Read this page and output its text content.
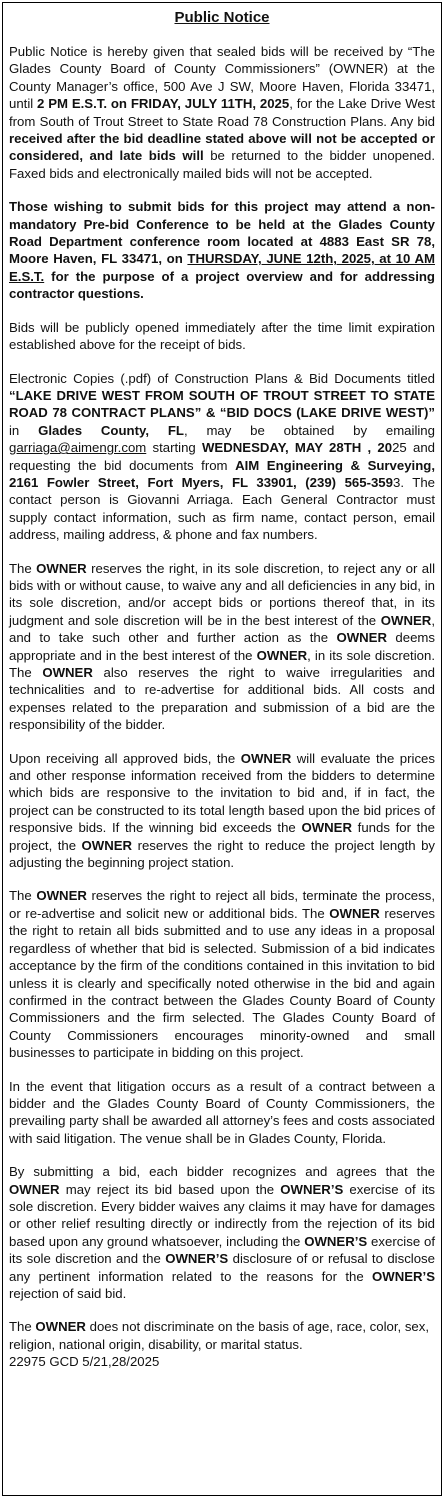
Public Notice

Public Notice is hereby given that sealed bids will be received by “The Glades County Board of County Commissioners” (OWNER) at the County Manager’s office, 500 Ave J SW, Moore Haven, Florida 33471, until 2 PM E.S.T. on FRIDAY, JULY 11TH, 2025, for the Lake Drive West from South of Trout Street to State Road 78 Construction Plans. Any bid received after the bid deadline stated above will not be accepted or considered, and late bids will be returned to the bidder unopened. Faxed bids and electronically mailed bids will not be accepted.

Those wishing to submit bids for this project may attend a non-mandatory Pre-bid Conference to be held at the Glades County Road Department conference room located at 4883 East SR 78, Moore Haven, FL 33471, on THURSDAY, JUNE 12th, 2025, at 10 AM E.S.T. for the purpose of a project overview and for addressing contractor questions.

Bids will be publicly opened immediately after the time limit expiration established above for the receipt of bids.

Electronic Copies (.pdf) of Construction Plans & Bid Documents titled “LAKE DRIVE WEST FROM SOUTH OF TROUT STREET TO STATE ROAD 78 CONTRACT PLANS” & “BID DOCS (LAKE DRIVE WEST)” in Glades County, FL, may be obtained by emailing garriaga@aimengr.com starting WEDNESDAY, MAY 28TH , 2025 and requesting the bid documents from AIM Engineering & Surveying, 2161 Fowler Street, Fort Myers, FL 33901, (239) 565-3593. The contact person is Giovanni Arriaga. Each General Contractor must supply contact information, such as firm name, contact person, email address, mailing address, & phone and fax numbers.

The OWNER reserves the right, in its sole discretion, to reject any or all bids with or without cause, to waive any and all deficiencies in any bid, in its sole discretion, and/or accept bids or portions thereof that, in its judgment and sole discretion will be in the best interest of the OWNER, and to take such other and further action as the OWNER deems appropriate and in the best interest of the OWNER, in its sole discretion. The OWNER also reserves the right to waive irregularities and technicalities and to re-advertise for additional bids. All costs and expenses related to the preparation and submission of a bid are the responsibility of the bidder.

Upon receiving all approved bids, the OWNER will evaluate the prices and other response information received from the bidders to determine which bids are responsive to the invitation to bid and, if in fact, the project can be constructed to its total length based upon the bid prices of responsive bids. If the winning bid exceeds the OWNER funds for the project, the OWNER reserves the right to reduce the project length by adjusting the beginning project station.

The OWNER reserves the right to reject all bids, terminate the process, or re-advertise and solicit new or additional bids. The OWNER reserves the right to retain all bids submitted and to use any ideas in a proposal regardless of whether that bid is selected. Submission of a bid indicates acceptance by the firm of the conditions contained in this invitation to bid unless it is clearly and specifically noted otherwise in the bid and again confirmed in the contract between the Glades County Board of County Commissioners and the firm selected. The Glades County Board of County Commissioners encourages minority-owned and small businesses to participate in bidding on this project.

In the event that litigation occurs as a result of a contract between a bidder and the Glades County Board of County Commissioners, the prevailing party shall be awarded all attorney’s fees and costs associated with said litigation. The venue shall be in Glades County, Florida.

By submitting a bid, each bidder recognizes and agrees that the OWNER may reject its bid based upon the OWNER’S exercise of its sole discretion. Every bidder waives any claims it may have for damages or other relief resulting directly or indirectly from the rejection of its bid based upon any ground whatsoever, including the OWNER’S exercise of its sole discretion and the OWNER’S disclosure of or refusal to disclose any pertinent information related to the reasons for the OWNER’S rejection of said bid.

The OWNER does not discriminate on the basis of age, race, color, sex, religion, national origin, disability, or marital status.
22975 GCD 5/21,28/2025
